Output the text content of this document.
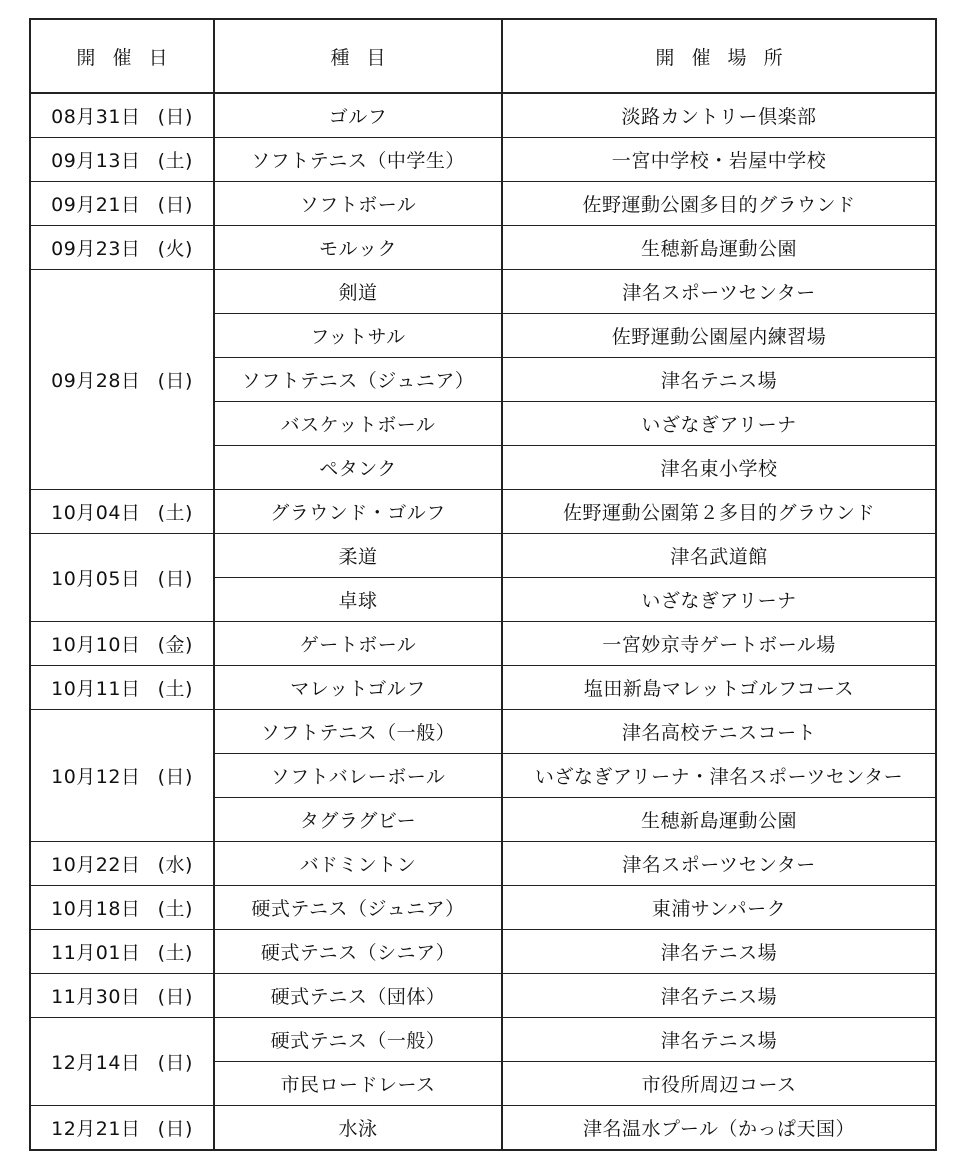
開催日	種目	開催場所
08月31日 (日)	ゴルフ	淡路カントリー倶楽部
09月13日 (土)	ソフトテニス（中学生）	一宮中学校・岩屋中学校
09月21日 (日)	ソフトボール	佐野運動公園多目的グラウンド
09月23日 (火)	モルック	生穂新島運動公園
09月28日 (日)	剣道	津名スポーツセンター
	フットサル	佐野運動公園屋内練習場
	ソフトテニス（ジュニア）	津名テニス場
	バスケットボール	いざなぎアリーナ
	ペタンク	津名東小学校
10月04日 (土)	グラウンド・ゴルフ	佐野運動公園第２多目的グラウンド
10月05日 (日)	柔道	津名武道館
	卓球	いざなぎアリーナ
10月10日 (金)	ゲートボール	一宮妙京寺ゲートボール場
10月11日 (土)	マレットゴルフ	塩田新島マレットゴルフコース
10月12日 (日)	ソフトテニス（一般）	津名高校テニスコート
	ソフトバレーボール	いざなぎアリーナ・津名スポーツセンター
	タグラグビー	生穂新島運動公園
10月22日 (水)	バドミントン	津名スポーツセンター
10月18日 (土)	硬式テニス（ジュニア）	東浦サンパーク
11月01日 (土)	硬式テニス（シニア）	津名テニス場
11月30日 (日)	硬式テニス（団体）	津名テニス場
12月14日 (日)	硬式テニス（一般）	津名テニス場
	市民ロードレース	市役所周辺コース
12月21日 (日)	水泳	津名温水プール（かっぱ天国）
